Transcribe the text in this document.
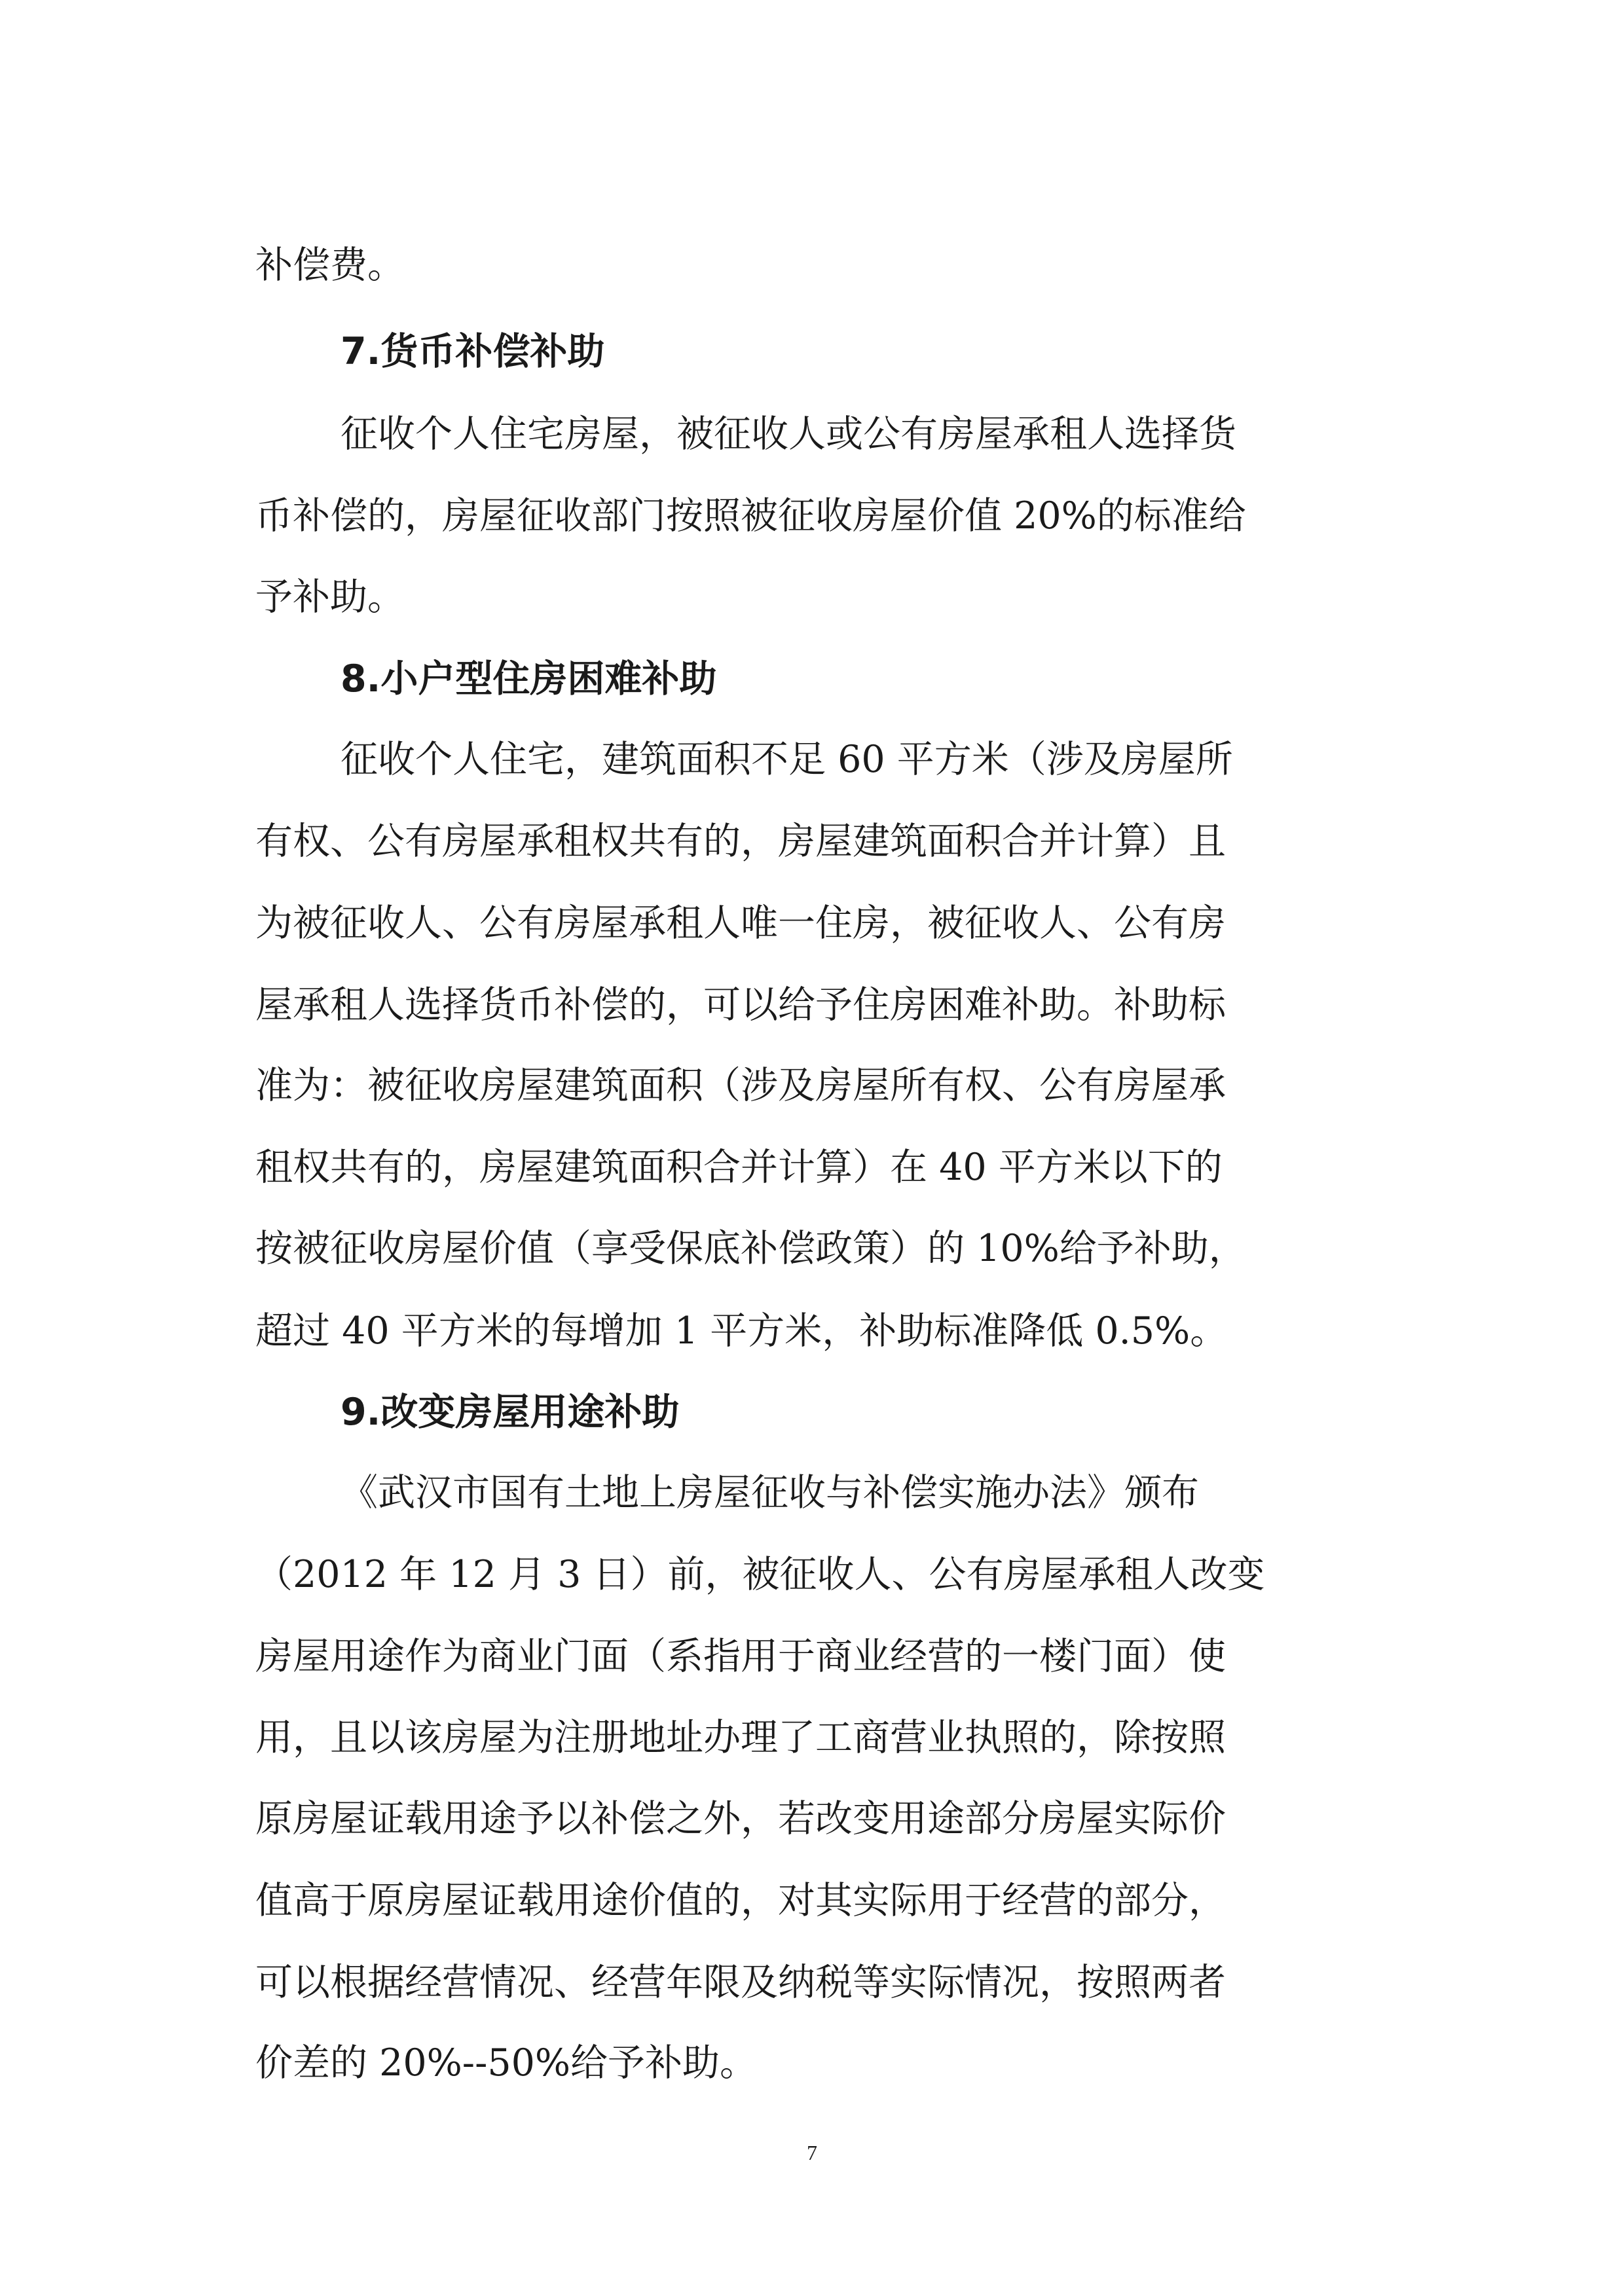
补偿费。

7.货币补偿补助

征收个人住宅房屋，被征收人或公有房屋承租人选择货

币补偿的，房屋征收部门按照被征收房屋价值 20%的标准给

予补助。

8.小户型住房困难补助

征收个人住宅，建筑面积不足 60 平方米（涉及房屋所

有权、公有房屋承租权共有的，房屋建筑面积合并计算）且

为被征收人、公有房屋承租人唯一住房，被征收人、公有房

屋承租人选择货币补偿的，可以给予住房困难补助。补助标

准为：被征收房屋建筑面积（涉及房屋所有权、公有房屋承

租权共有的，房屋建筑面积合并计算）在 40 平方米以下的

按被征收房屋价值（享受保底补偿政策）的 10%给予补助，

超过 40 平方米的每增加 1 平方米，补助标准降低 0.5%。

9.改变房屋用途补助

《武汉市国有土地上房屋征收与补偿实施办法》颁布

（2012 年 12 月 3 日）前，被征收人、公有房屋承租人改变

房屋用途作为商业门面（系指用于商业经营的一楼门面）使

用，且以该房屋为注册地址办理了工商营业执照的，除按照

原房屋证载用途予以补偿之外，若改变用途部分房屋实际价

值高于原房屋证载用途价值的，对其实际用于经营的部分，

可以根据经营情况、经营年限及纳税等实际情况，按照两者

价差的 20%--50%给予补助。

7
